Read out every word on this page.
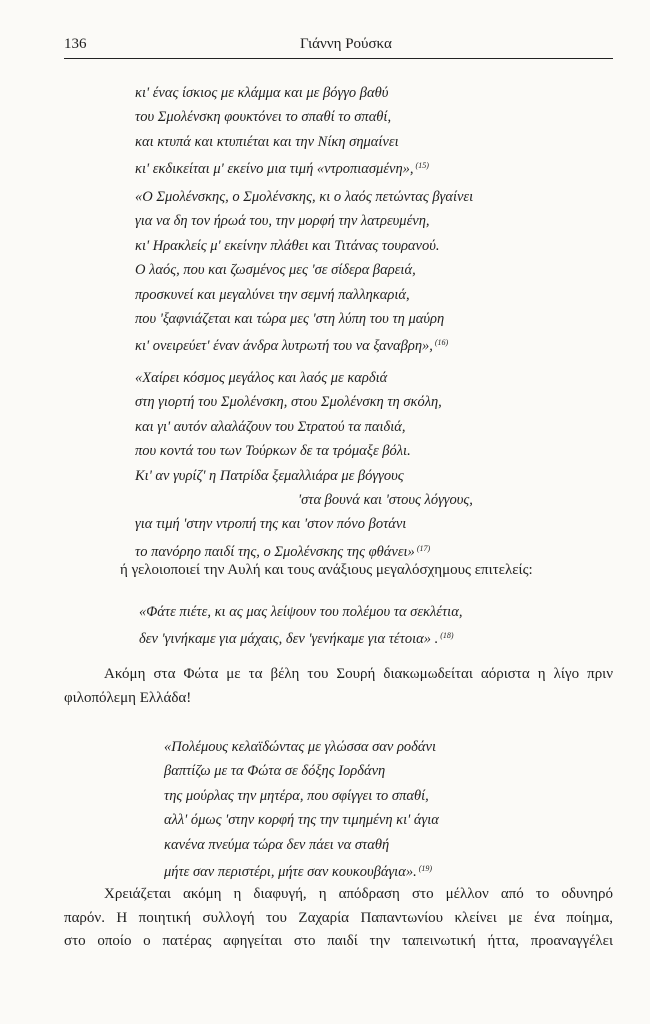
136	Γιάννη Ρούσκα
κι' ένας ίσκιος με κλάμμα και με βόγγο βαθύ
του Σμολένσκη φουκτόνει το σπαθί το σπαθί,
και κτυπά και κτυπιέται και την Νίκη σημαίνει
κι' εκδικείται μ' εκείνο μια τιμή «ντροπιασμένη», $^{(15)}$
«Ο Σμολένσκης, ο Σμολένσκης, κι ο λαός πετώντας βγαίνει
για να δη τον ήρωά του, την μορφή την λατρευμένη,
κι' Ηρακλείς μ' εκείνην πλάθει και Τιτάνας τουρανού.
Ο λαός, που και ζωσμένος μες 'σε σίδερα βαρειά,
προσκυνεί και μεγαλύνει την σεμνή παλληκαριά,
που 'ξαφνιάζεται και τώρα μες 'στη λύπη του τη μαύρη
κι' ονειρεύετ' έναν άνδρα λυτρωτή του να ξαναβρη», $^{(16)}$
«Χαίρει κόσμος μεγάλος και λαός με καρδιά
στη γιορτή του Σμολένσκη, στου Σμολένσκη τη σκόλη,
και γι' αυτόν αλαλάζουν του Στρατού τα παιδιά,
που κοντά του των Τούρκων δε τα τρόμαξε βόλι.
Κι' αν γυρίζ' η Πατρίδα ξεμαλλιάρα με βόγγους
'στα βουνά και 'στους λόγγους,
για τιμή 'στην ντροπή της και 'στον πόνο βοτάνι
το πανόρηο παιδί της, ο Σμολένσκης της φθάνει» $^{(17)}$
ή γελοιοποιεί την Αυλή και τους ανάξιους μεγαλόσχημους επιτελείς:
«Φάτε πιέτε, κι ας μας λείψουν του πολέμου τα σεκλέτια,
δεν 'γινήκαμε για μάχαις, δεν 'γενήκαμε για τέτοια» . $^{(18)}$
Ακόμη στα Φώτα με τα βέλη του Σουρή διακωμωδείται αόριστα η λίγο πριν
φιλοπόλεμη Ελλάδα!
«Πολέμους κελαϊδώντας με γλώσσα σαν ροδάνι
βαπτίζω με τα Φώτα σε δόξης Ιορδάνη
της μούρλας την μητέρα, που σφίγγει το σπαθί,
αλλ' όμως 'στην κορφή της την τιμημένη κι' άγια
κανένα πνεύμα τώρα δεν πάει να σταθή
μήτε σαν περιστέρι, μήτε σαν κουκουβάγια». $^{(19)}$
Χρειάζεται ακόμη η διαφυγή, η απόδραση στο μέλλον από το οδυνηρό
παρόν. Η ποιητική συλλογή του Ζαχαρία Παπαντωνίου κλείνει με ένα ποίημα,
στο οποίο ο πατέρας αφηγείται στο παιδί την ταπεινωτική ήττα, προαναγγέλει
